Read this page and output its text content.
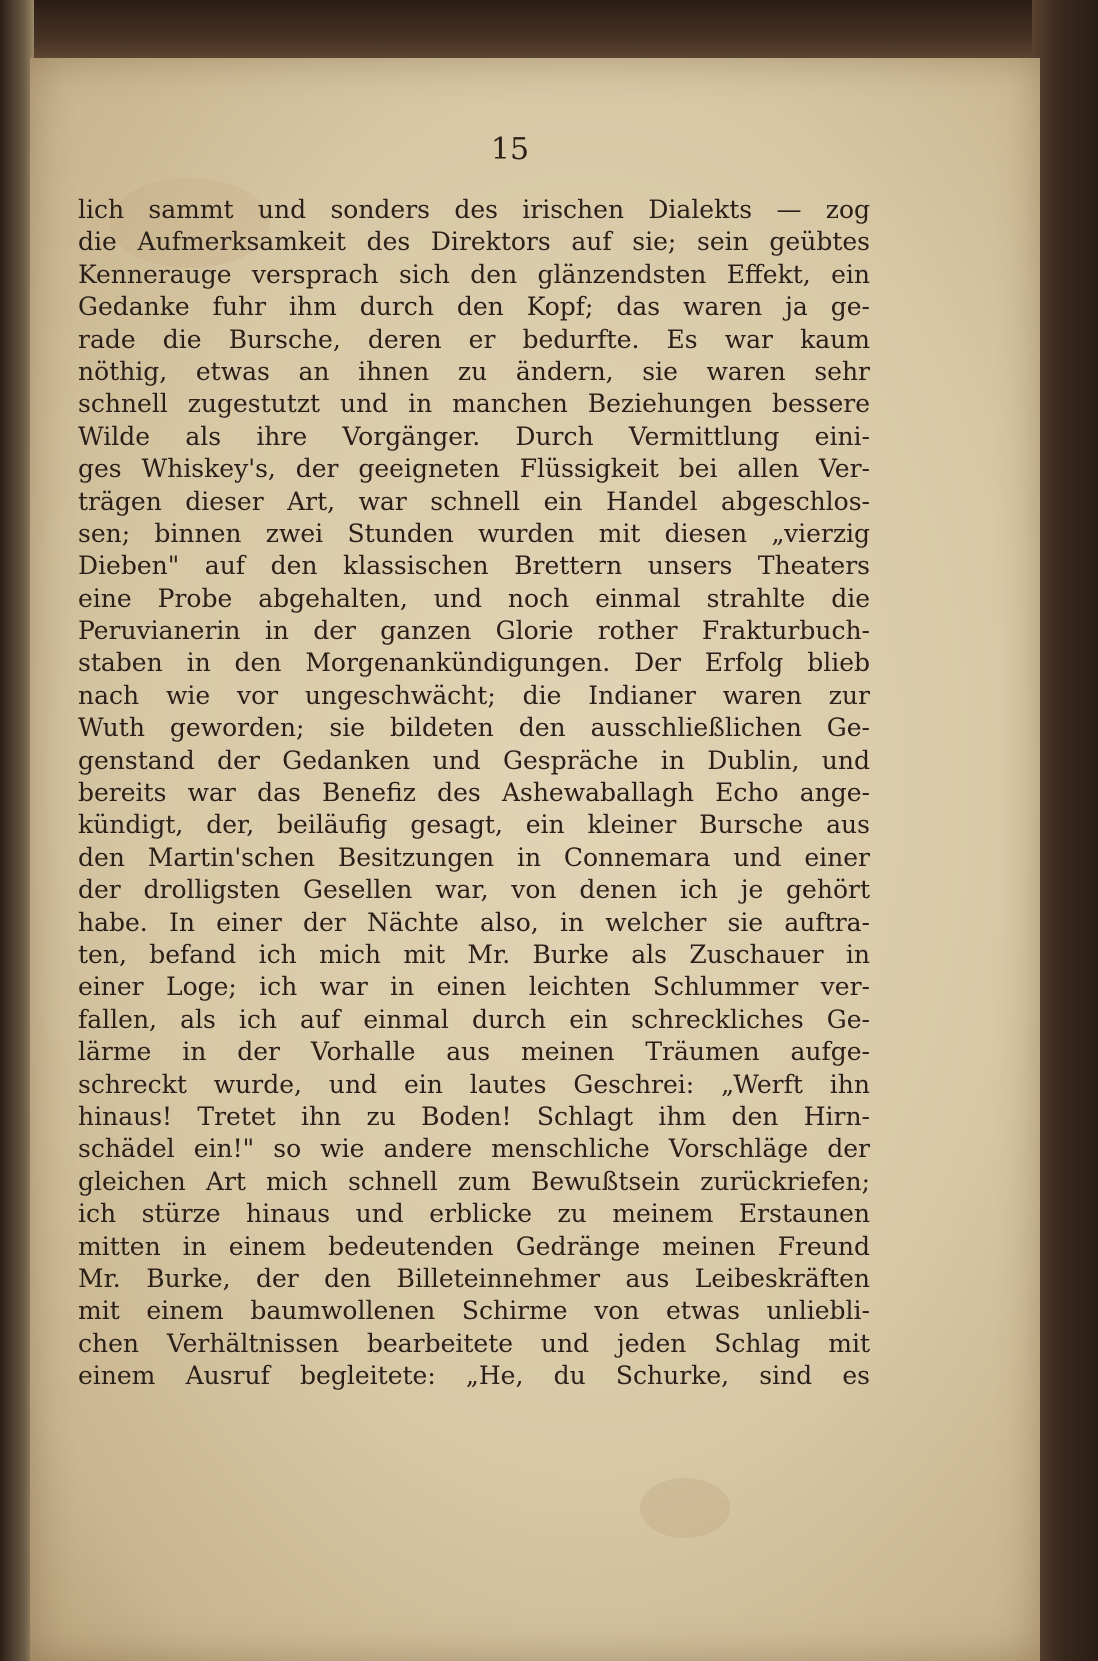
15
lich sammt und sonders des irischen Dialekts — zog
die Aufmerksamkeit des Direktors auf sie; sein geübtes
Kennerauge versprach sich den glänzendsten Effekt, ein
Gedanke fuhr ihm durch den Kopf; das waren ja ge-
rade die Bursche, deren er bedurfte. Es war kaum
nöthig, etwas an ihnen zu ändern, sie waren sehr
schnell zugestutzt und in manchen Beziehungen bessere
Wilde als ihre Vorgänger. Durch Vermittlung eini-
ges Whiskey's, der geeigneten Flüssigkeit bei allen Ver-
trägen dieser Art, war schnell ein Handel abgeschlos-
sen; binnen zwei Stunden wurden mit diesen „vierzig
Dieben" auf den klassischen Brettern unsers Theaters
eine Probe abgehalten, und noch einmal strahlte die
Peruvianerin in der ganzen Glorie rother Frakturbuch-
staben in den Morgenankündigungen. Der Erfolg blieb
nach wie vor ungeschwächt; die Indianer waren zur
Wuth geworden; sie bildeten den ausschließlichen Ge-
genstand der Gedanken und Gespräche in Dublin, und
bereits war das Benefiz des Ashewaballagh Echo ange-
kündigt, der, beiläufig gesagt, ein kleiner Bursche aus
den Martin'schen Besitzungen in Connemara und einer
der drolligsten Gesellen war, von denen ich je gehört
habe. In einer der Nächte also, in welcher sie auftra-
ten, befand ich mich mit Mr. Burke als Zuschauer in
einer Loge; ich war in einen leichten Schlummer ver-
fallen, als ich auf einmal durch ein schreckliches Ge-
lärme in der Vorhalle aus meinen Träumen aufge-
schreckt wurde, und ein lautes Geschrei: „Werft ihn
hinaus! Tretet ihn zu Boden! Schlagt ihm den Hirn-
schädel ein!" so wie andere menschliche Vorschläge der
gleichen Art mich schnell zum Bewußtsein zurückriefen;
ich stürze hinaus und erblicke zu meinem Erstaunen
mitten in einem bedeutenden Gedränge meinen Freund
Mr. Burke, der den Billeteinnehmer aus Leibeskräften
mit einem baumwollenen Schirme von etwas unliebli-
chen Verhältnissen bearbeitete und jeden Schlag mit
einem Ausruf begleitete: „He, du Schurke, sind es
